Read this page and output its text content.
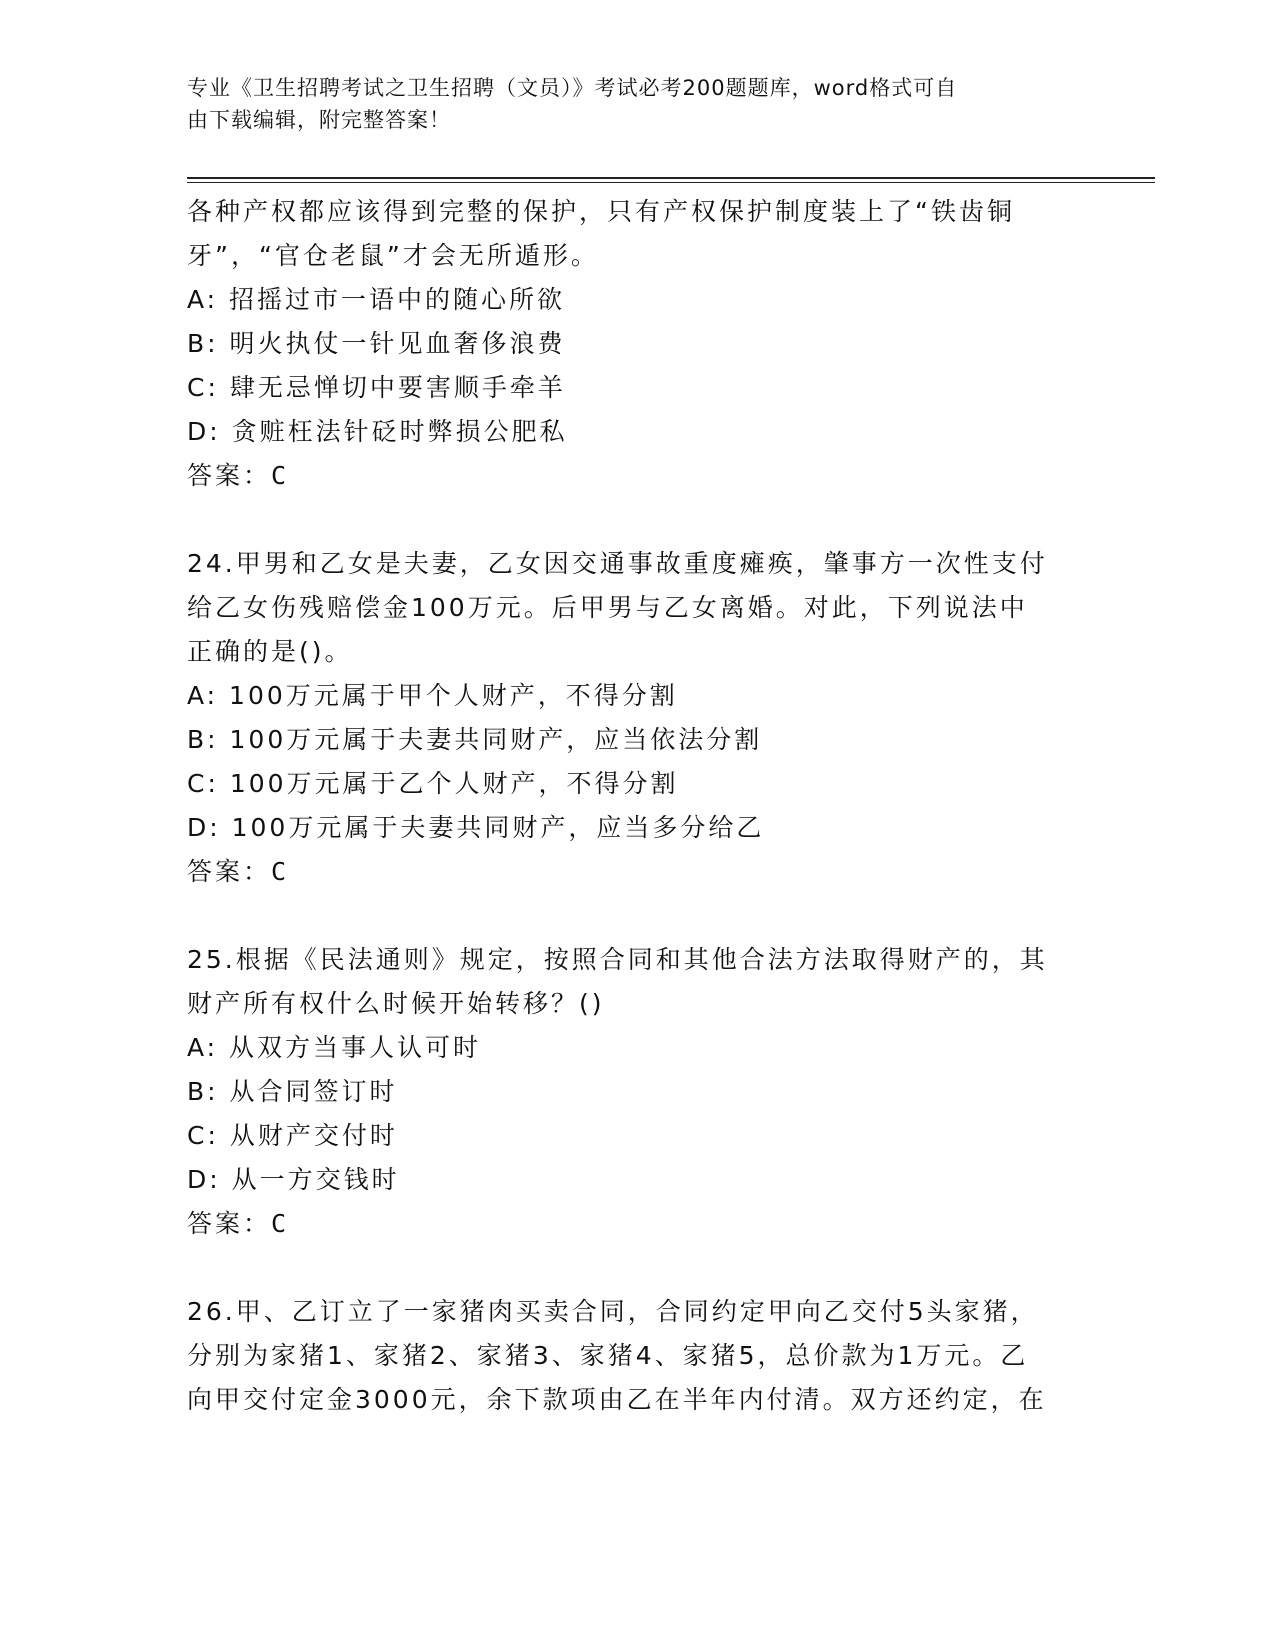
专业《卫生招聘考试之卫生招聘（文员）》考试必考200题题库，word格式可自
由下载编辑，附完整答案！
各种产权都应该得到完整的保护，只有产权保护制度装上了“铁齿铜
牙”，“官仓老鼠”才会无所遁形。
A: 招摇过市一语中的随心所欲
B: 明火执仗一针见血奢侈浪费
C: 肆无忌惮切中要害顺手牵羊
D: 贪赃枉法针砭时弊损公肥私
答案：C
24.甲男和乙女是夫妻，乙女因交通事故重度瘫痪，肇事方一次性支付
给乙女伤残赔偿金100万元。后甲男与乙女离婚。对此，下列说法中
正确的是()。
A: 100万元属于甲个人财产，不得分割
B: 100万元属于夫妻共同财产，应当依法分割
C: 100万元属于乙个人财产，不得分割
D: 100万元属于夫妻共同财产，应当多分给乙
答案：C
25.根据《民法通则》规定，按照合同和其他合法方法取得财产的，其
财产所有权什么时候开始转移？()
A: 从双方当事人认可时
B: 从合同签订时
C: 从财产交付时
D: 从一方交钱时
答案：C
26.甲、乙订立了一家猪肉买卖合同，合同约定甲向乙交付5头家猪，
分别为家猪1、家猪2、家猪3、家猪4、家猪5，总价款为1万元。乙
向甲交付定金3000元，余下款项由乙在半年内付清。双方还约定，在
